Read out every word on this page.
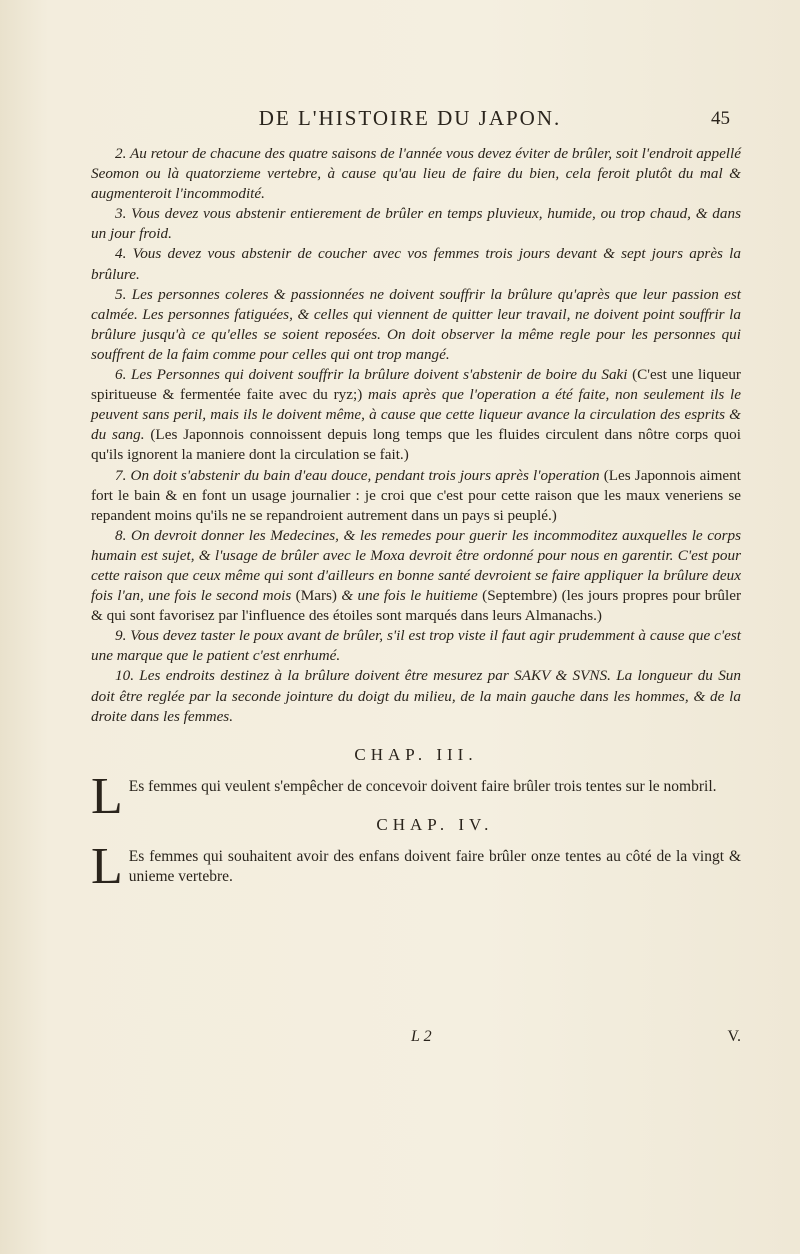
DE L'HISTOIRE DU JAPON.	45

2. Au retour de chacune des quatre saisons de l'année vous devez éviter de brûler, soit l'endroit appellé Seomon ou là quatorzieme vertebre, à cause qu'au lieu de faire du bien, cela feroit plutôt du mal & augmenteroit l'incommodité.

3. Vous devez vous abstenir entierement de brûler en temps pluvieux, humide, ou trop chaud, & dans un jour froid.

4. Vous devez vous abstenir de coucher avec vos femmes trois jours devant & sept jours après la brûlure.

5. Les personnes coleres & passionnées ne doivent souffrir la brûlure qu'après que leur passion est calmée. Les personnes fatiguées, & celles qui viennent de quitter leur travail, ne doivent point souffrir la brûlure jusqu'à ce qu'elles se soient reposées. On doit observer la même regle pour les personnes qui souffrent de la faim comme pour celles qui ont trop mangé.

6. Les Personnes qui doivent souffrir la brûlure doivent s'abstenir de boire du Saki (C'est une liqueur spiritueuse & fermentée faite avec du ryz;) mais après que l'operation a été faite, non seulement ils le peuvent sans peril, mais ils le doivent même, à cause que cette liqueur avance la circulation des esprits & du sang. (Les Japonnois connoissent depuis long temps que les fluides circulent dans nôtre corps quoi qu'ils ignorent la maniere dont la circulation se fait.)

7. On doit s'abstenir du bain d'eau douce, pendant trois jours après l'operation (Les Japonnois aiment fort le bain & en font un usage journalier : je croi que c'est pour cette raison que les maux veneriens se repandent moins qu'ils ne se repandroient autrement dans un pays si peuplé.)

8. On devroit donner les Medecines, & les remedes pour guerir les incommoditez auxquelles le corps humain est sujet, & l'usage de brûler avec le Moxa devroit être ordonné pour nous en garentir. C'est pour cette raison que ceux même qui sont d'ailleurs en bonne santé devroient se faire appliquer la brûlure deux fois l'an, une fois le second mois (Mars) & une fois le huitieme (Septembre) (les jours propres pour brûler & qui sont favorisez par l'influence des étoiles sont marqués dans leurs Almanachs.)

9. Vous devez taster le poux avant de brûler, s'il est trop viste il faut agir prudemment à cause que c'est une marque que le patient c'est enrhumé.

10. Les endroits destinez à la brûlure doivent être mesurez par SAKV & SVNS. La longueur du Sun doit être reglée par la seconde jointure du doigt du milieu, de la main gauche dans les hommes, & de la droite dans les femmes.

CHAP. III.

L Es femmes qui veulent s'empêcher de concevoir doivent faire brûler trois tentes sur le nombril.

CHAP. IV.

L Es femmes qui souhaitent avoir des enfans doivent faire brûler onze tentes au côté de la vingt & unieme vertebre.

L 2	V.
